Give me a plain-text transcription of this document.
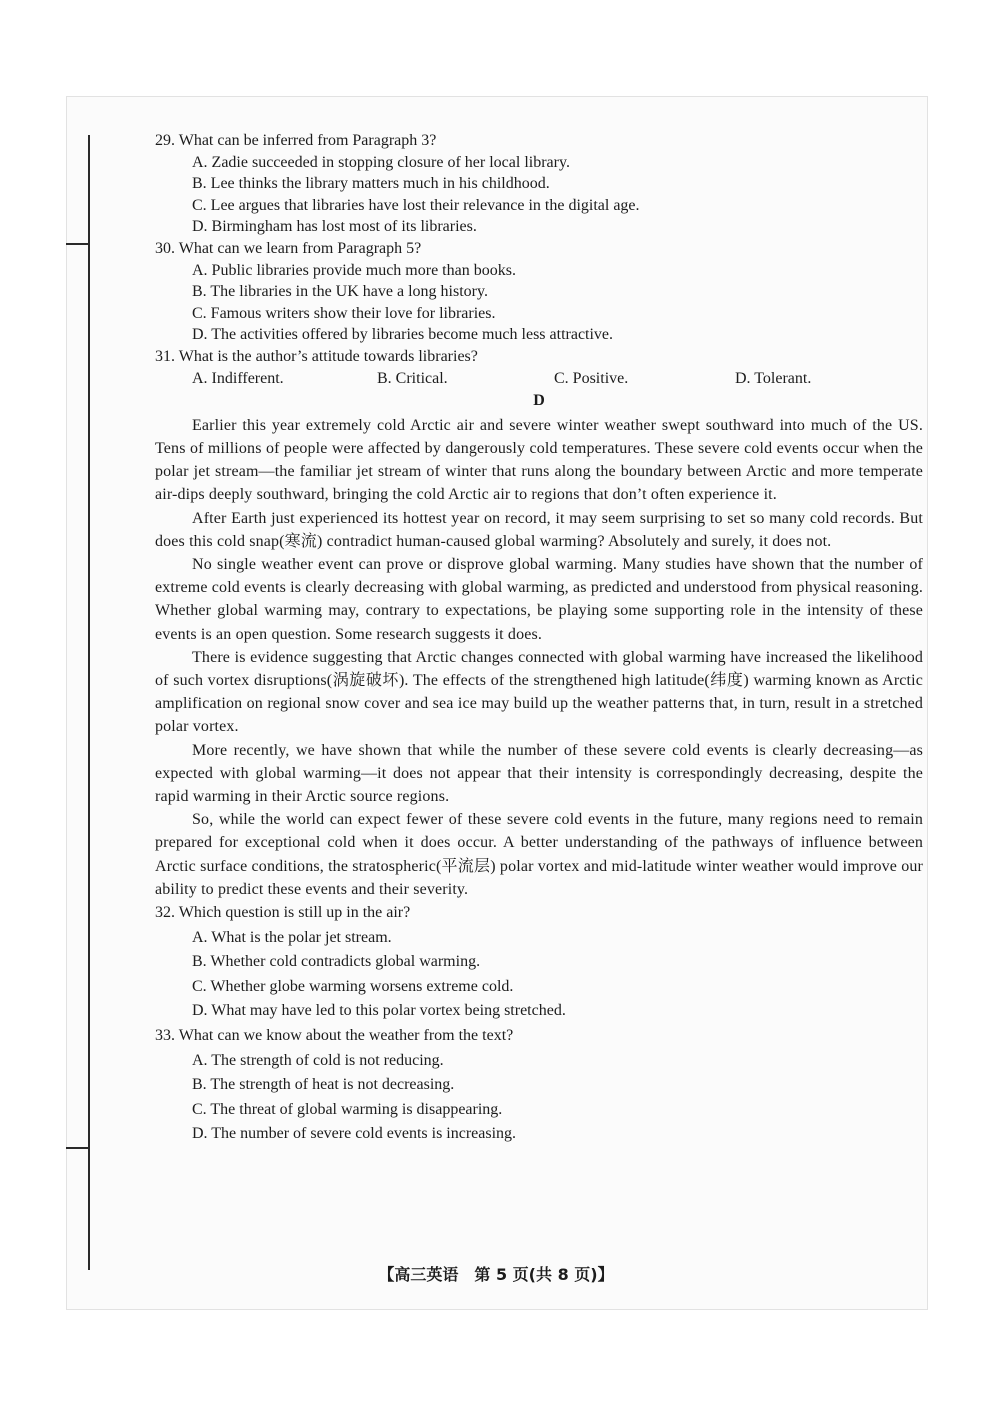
29. What can be inferred from Paragraph 3?

A. Zadie succeeded in stopping closure of her local library.

B. Lee thinks the library matters much in his childhood.

C. Lee argues that libraries have lost their relevance in the digital age.

D. Birmingham has lost most of its libraries.

30. What can we learn from Paragraph 5?

A. Public libraries provide much more than books.

B. The libraries in the UK have a long history.

C. Famous writers show their love for libraries.

D. The activities offered by libraries become much less attractive.

31. What is the author’s attitude towards libraries?

A. Indifferent.	B. Critical.	C. Positive.	D. Tolerant.
D

Earlier this year extremely cold Arctic air and severe winter weather swept southward into much of the US. Tens of millions of people were affected by dangerously cold temperatures. These severe cold events occur when the polar jet stream—the familiar jet stream of winter that runs along the boundary between Arctic and more temperate air-dips deeply southward, bringing the cold Arctic air to regions that don’t often experience it.

After Earth just experienced its hottest year on record, it may seem surprising to set so many cold records. But does this cold snap(寒流) contradict human-caused global warming? Absolutely and surely, it does not.

No single weather event can prove or disprove global warming. Many studies have shown that the number of extreme cold events is clearly decreasing with global warming, as predicted and understood from physical reasoning. Whether global warming may, contrary to expectations, be playing some supporting role in the intensity of these events is an open question. Some research suggests it does.

There is evidence suggesting that Arctic changes connected with global warming have increased the likelihood of such vortex disruptions(涡旋破坏). The effects of the strengthened high latitude(纬度) warming known as Arctic amplification on regional snow cover and sea ice may build up the weather patterns that, in turn, result in a stretched polar vortex.

More recently, we have shown that while the number of these severe cold events is clearly decreasing—as expected with global warming—it does not appear that their intensity is correspondingly decreasing, despite the rapid warming in their Arctic source regions.

So, while the world can expect fewer of these severe cold events in the future, many regions need to remain prepared for exceptional cold when it does occur. A better understanding of the pathways of influence between Arctic surface conditions, the stratospheric(平流层) polar vortex and mid-latitude winter weather would improve our ability to predict these events and their severity.

32. Which question is still up in the air?

A. What is the polar jet stream.

B. Whether cold contradicts global warming.

C. Whether globe warming worsens extreme cold.

D. What may have led to this polar vortex being stretched.

33. What can we know about the weather from the text?

A. The strength of cold is not reducing.

B. The strength of heat is not decreasing.

C. The threat of global warming is disappearing.

D. The number of severe cold events is increasing.

【高三英语　第 5 页(共 8 页)】
